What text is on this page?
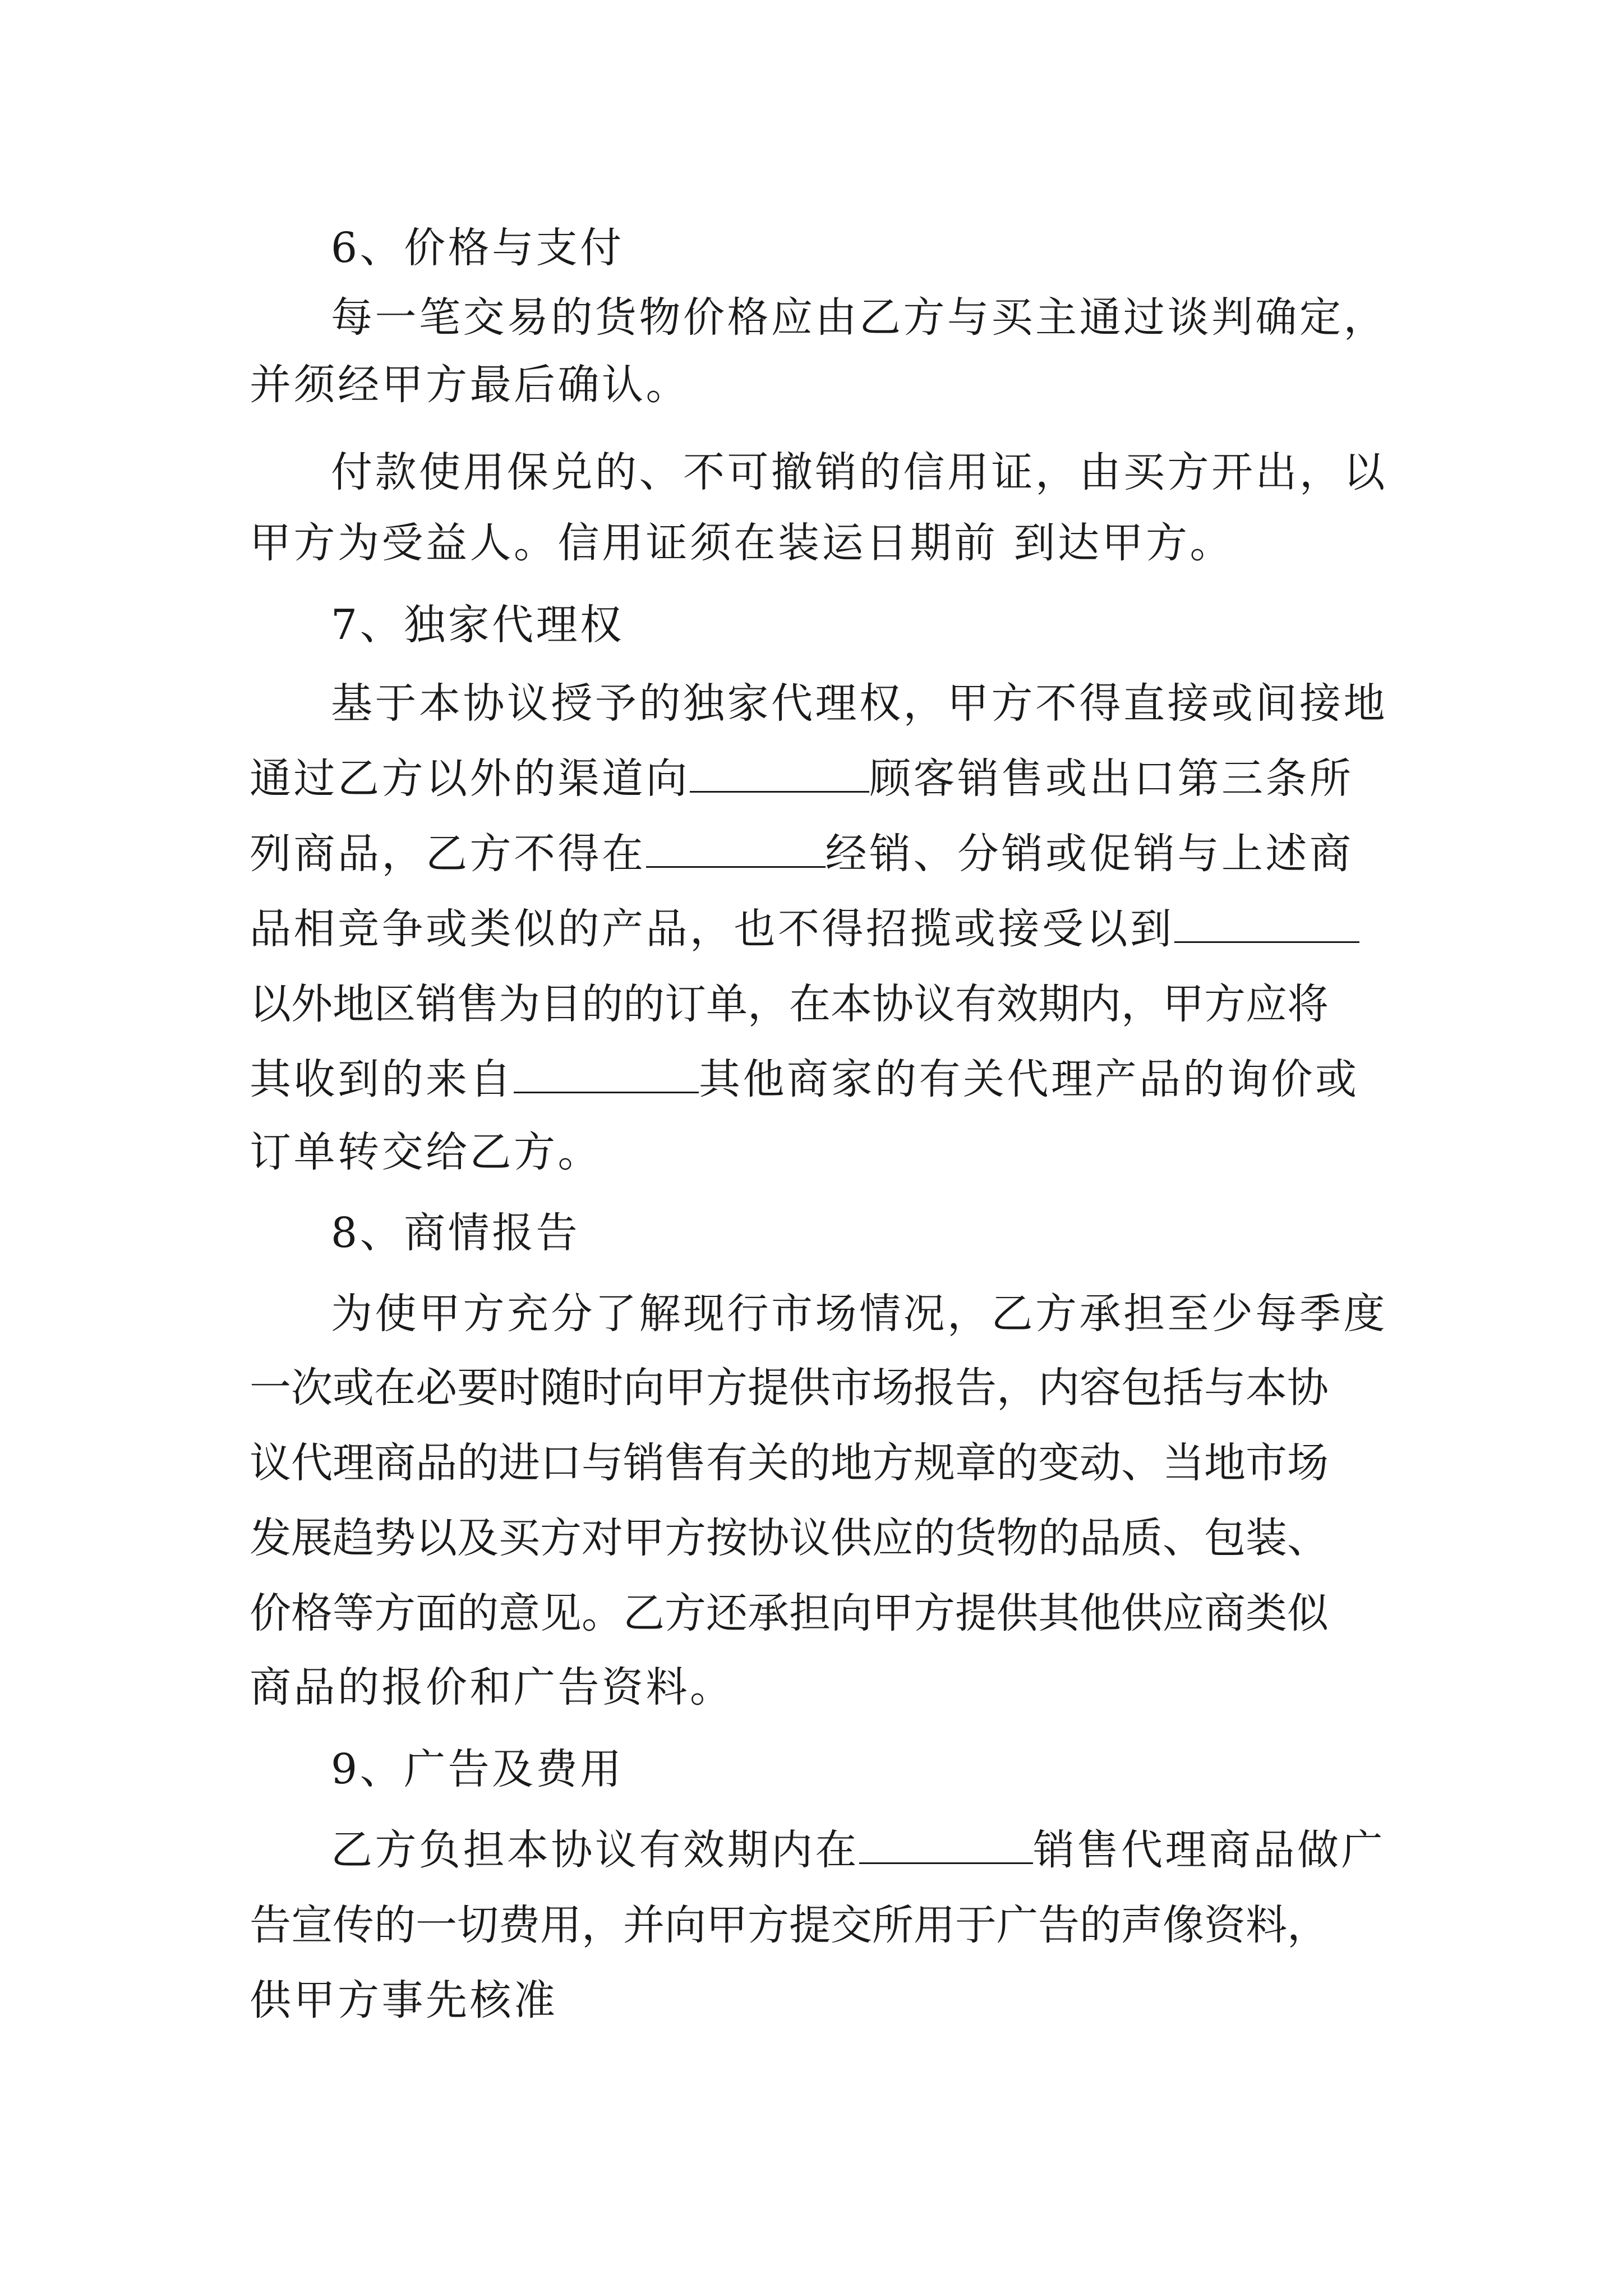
6、价格与支付
每一笔交易的货物价格应由乙方与买主通过谈判确定，
并须经甲方最后确认。
付款使用保兑的、不可撤销的信用证，由买方开出，以
甲方为受益人。信用证须在装运日期前 到达甲方。
7、独家代理权
基于本协议授予的独家代理权，甲方不得直接或间接地
通过乙方以外的渠道向	顾客销售或出口第三条所
列商品，乙方不得在	经销、分销或促销与上述商
品相竞争或类似的产品，也不得招揽或接受以到
以外地区销售为目的的订单，在本协议有效期内，甲方应将
其收到的来自	其他商家的有关代理产品的询价或
订单转交给乙方。
8、商情报告
为使甲方充分了解现行市场情况，乙方承担至少每季度
一次或在必要时随时向甲方提供市场报告，内容包括与本协
议代理商品的进口与销售有关的地方规章的变动、当地市场
发展趋势以及买方对甲方按协议供应的货物的品质、包装、
价格等方面的意见。乙方还承担向甲方提供其他供应商类似
商品的报价和广告资料。
9、广告及费用
乙方负担本协议有效期内在	销售代理商品做广
告宣传的一切费用，并向甲方提交所用于广告的声像资料，
供甲方事先核准
